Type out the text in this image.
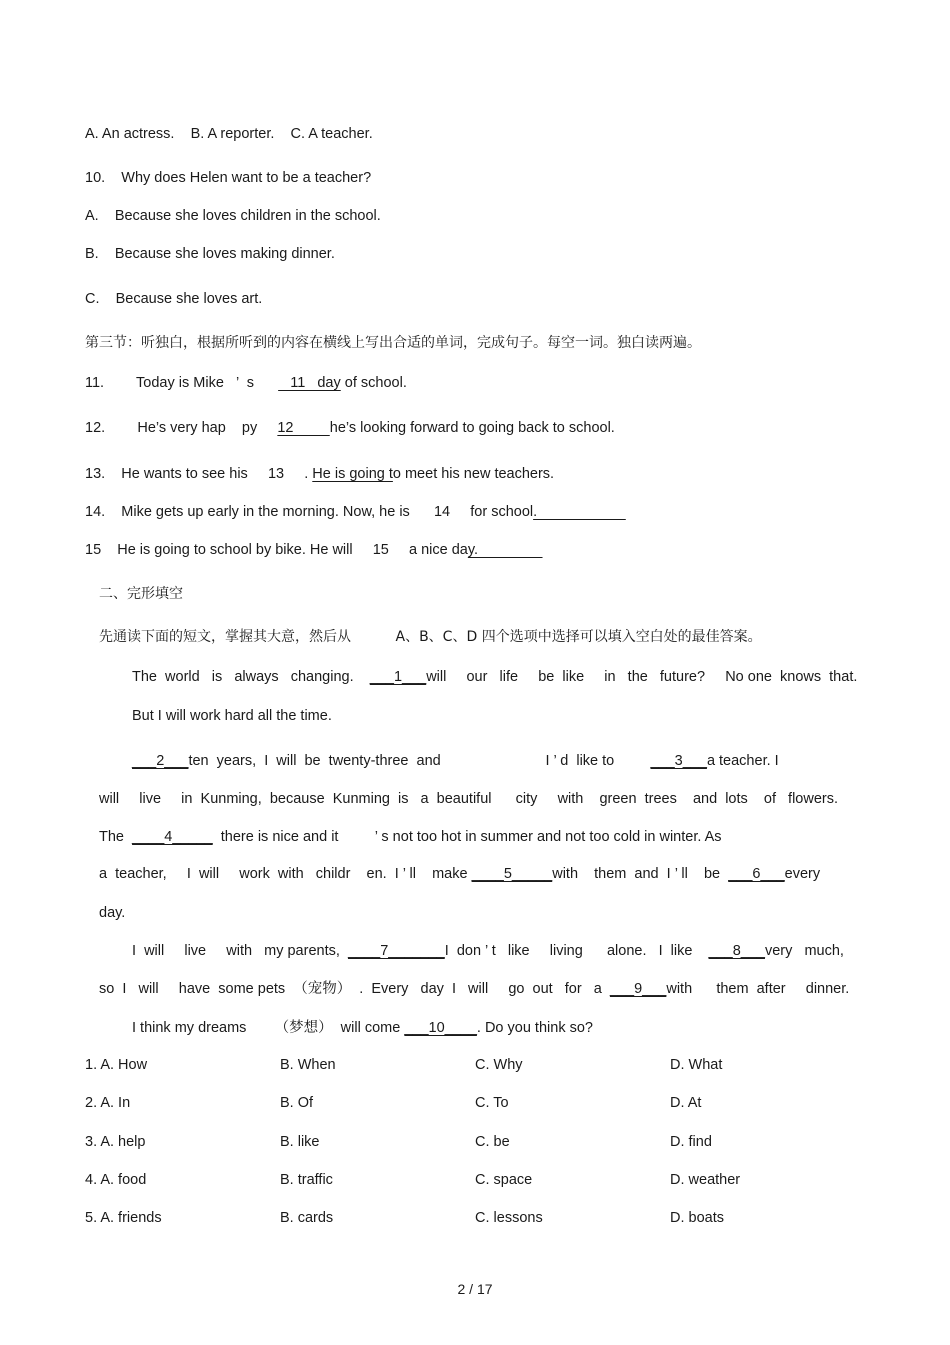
A. An actress.    B. A reporter.    C. A teacher.
10.    Why does Helen want to be a teacher?
A.    Because she loves children in the school.
B.    Because she loves making dinner.
C.    Because she loves art.
第三节：听独白，根据所听到的内容在横线上写出合适的单词，完成句子。每空一词。独白读两遍。
11.        Today is Mike   ’  s         11   day of school.
12.        He’s very hap    py     12         he’s looking forward to going back to school.
13.    He wants to see his     13     . He is going to meet his new teachers.
14.    Mike gets up early in the morning. Now, he is      14     for school.
15    He is going to school by bike. He will     15     a nice day.
二、完形填空
先通读下面的短文，掌握其大意，然后从          A、B、C、D 四个选项中选择可以填入空白处的最佳答案。
The  world   is   always   changing.    ___1___will     our   life     be  like     in   the   future?     No one  knows  that.
But I will work hard all the time.
___2___ten  years,  I  will  be  twenty-three  and                          I ’ d  like to         ___3___a teacher. I
will     live     in  Kunming,  because  Kunming  is   a  beautiful      city     with    green  trees    and  lots    of   flowers.
The  ____4_____  there is nice and it         ’ s not too hot in summer and not too cold in winter. As
a  teacher,     I  will     work  with   childr    en.  I ’ ll    make ____5_____with    them  and  I ’ ll    be  ___6___every
day.
I  will     live     with   my parents,  ____7_______I  don ’ t   like     living      alone.   I  like    ___8___very   much,
so  I   will     have  some pets  （宠物）  .  Every   day  I   will     go  out   for   a  ___9___with      them  after     dinner.
I think my dreams       （梦想）  will come ___10____. Do you think so?
1. A. How	B. When	C. Why	D. What
2. A. In	B. Of	C. To	D. At
3. A. help	B. like	C. be	D. find
4. A. food	B. traffic	C. space	D. weather
5. A. friends	B. cards	C. lessons	D. boats
2 / 17
